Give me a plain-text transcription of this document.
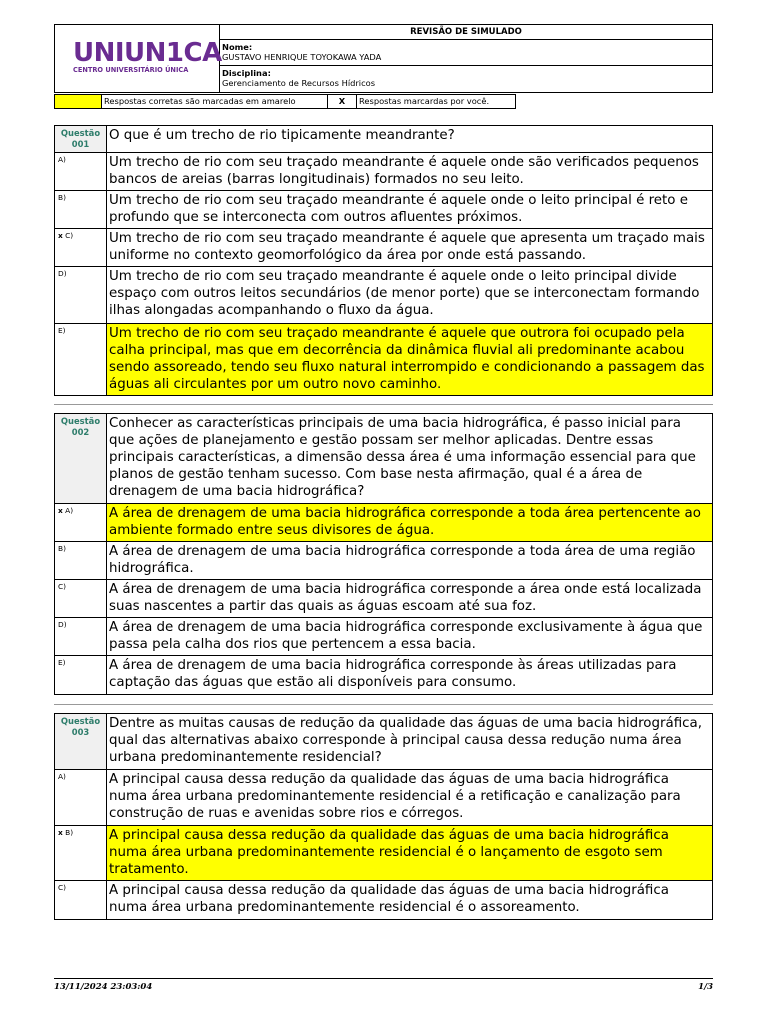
UNIUN1CA
CENTRO UNIVERSITÁRIO ÚNICA
REVISÃO DE SIMULADO
Nome:
GUSTAVO HENRIQUE TOYOKAWA YADA
Disciplina:
Gerenciamento de Recursos Hídricos
Respostas corretas são marcadas em amarelo	X	Respostas marcardas por você.
Questão
001
O que é um trecho de rio tipicamente meandrante?
A)	Um trecho de rio com seu traçado meandrante é aquele onde são verificados pequenos bancos de areias (barras longitudinais) formados no seu leito.
B)	Um trecho de rio com seu traçado meandrante é aquele onde o leito principal é reto e profundo que se interconecta com outros afluentes próximos.
x C)	Um trecho de rio com seu traçado meandrante é aquele que apresenta um traçado mais uniforme no contexto geomorfológico da área por onde está passando.
D)	Um trecho de rio com seu traçado meandrante é aquele onde o leito principal divide espaço com outros leitos secundários (de menor porte) que se interconectam formando ilhas alongadas acompanhando o fluxo da água.
E)	Um trecho de rio com seu traçado meandrante é aquele que outrora foi ocupado pela calha principal, mas que em decorrência da dinâmica fluvial ali predominante acabou sendo assoreado, tendo seu fluxo natural interrompido e condicionando a passagem das águas ali circulantes por um outro novo caminho.
Questão
002
Conhecer as características principais de uma bacia hidrográfica, é passo inicial para que ações de planejamento e gestão possam ser melhor aplicadas. Dentre essas principais características, a dimensão dessa área é uma informação essencial para que planos de gestão tenham sucesso. Com base nesta afirmação, qual é a área de drenagem de uma bacia hidrográfica?
x A)	A área de drenagem de uma bacia hidrográfica corresponde a toda área pertencente ao ambiente formado entre seus divisores de água.
B)	A área de drenagem de uma bacia hidrográfica corresponde a toda área de uma região hidrográfica.
C)	A área de drenagem de uma bacia hidrográfica corresponde a área onde está localizada suas nascentes a partir das quais as águas escoam até sua foz.
D)	A área de drenagem de uma bacia hidrográfica corresponde exclusivamente à água que passa pela calha dos rios que pertencem a essa bacia.
E)	A área de drenagem de uma bacia hidrográfica corresponde às áreas utilizadas para captação das águas que estão ali disponíveis para consumo.
Questão
003
Dentre as muitas causas de redução da qualidade das águas de uma bacia hidrográfica, qual das alternativas abaixo corresponde à principal causa dessa redução numa área urbana predominantemente residencial?
A)	A principal causa dessa redução da qualidade das águas de uma bacia hidrográfica numa área urbana predominantemente residencial é a retificação e canalização para construção de ruas e avenidas sobre rios e córregos.
x B)	A principal causa dessa redução da qualidade das águas de uma bacia hidrográfica numa área urbana predominantemente residencial é o lançamento de esgoto sem tratamento.
C)	A principal causa dessa redução da qualidade das águas de uma bacia hidrográfica numa área urbana predominantemente residencial é o assoreamento.
13/11/2024 23:03:04	1/3
